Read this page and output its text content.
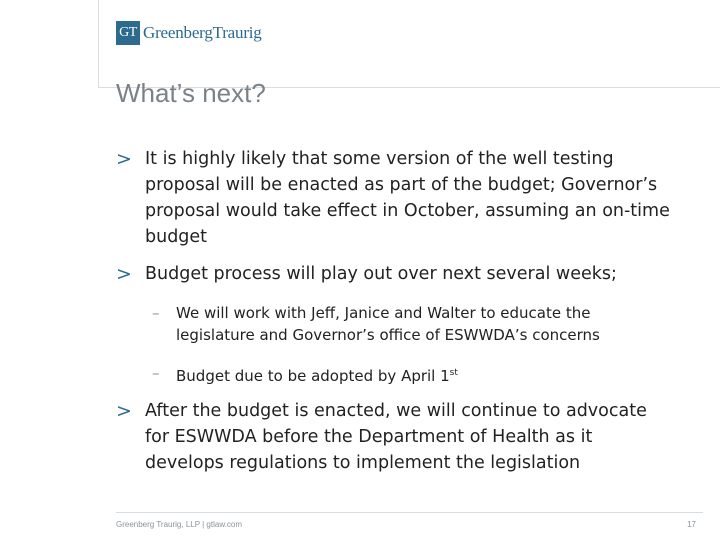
GT GreenbergTraurig
What’s next?
> It is highly likely that some version of the well testing proposal will be enacted as part of the budget; Governor’s proposal would take effect in October, assuming an on-time budget
> Budget process will play out over next several weeks;
– We will work with Jeff, Janice and Walter to educate the legislature and Governor’s office of ESWWDA’s concerns
– Budget due to be adopted by April 1st
> After the budget is enacted, we will continue to advocate for ESWWDA before the Department of Health as it develops regulations to implement the legislation
Greenberg Traurig, LLP | gtlaw.com	17
